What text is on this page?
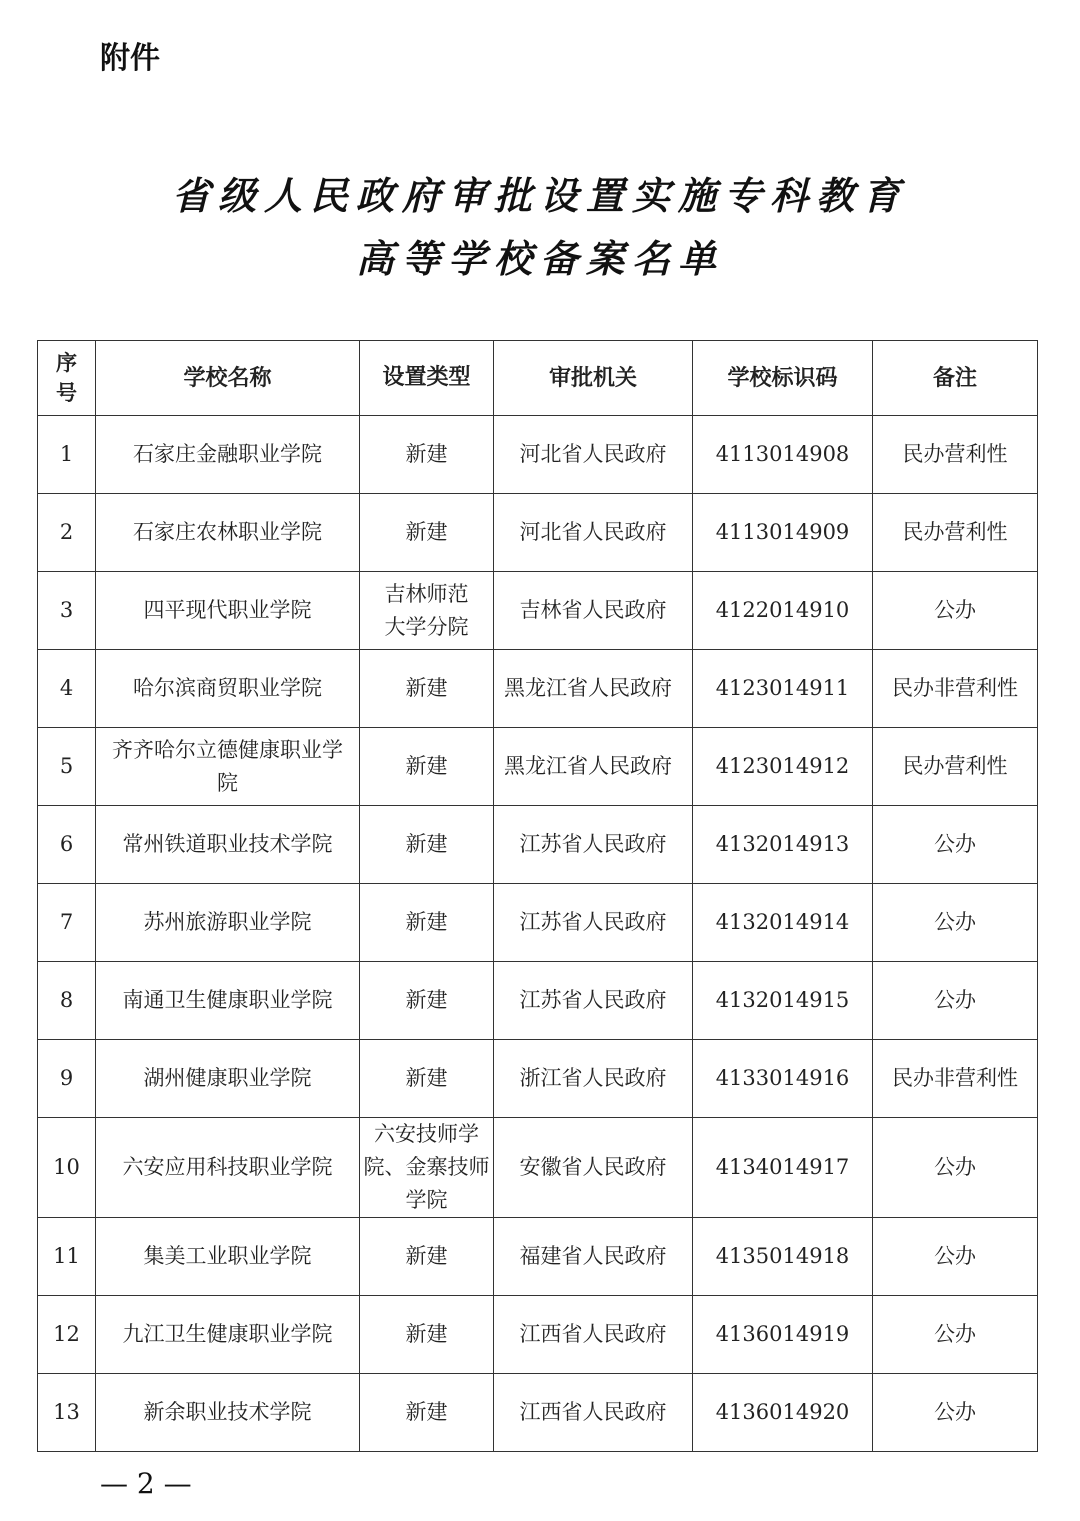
附件
省级人民政府审批设置实施专科教育
高等学校备案名单
序号	学校名称	设置类型	审批机关	学校标识码	备注
1	石家庄金融职业学院	新建	河北省人民政府	4113014908	民办营利性
2	石家庄农林职业学院	新建	河北省人民政府	4113014909	民办营利性
3	四平现代职业学院	吉林师范大学分院	吉林省人民政府	4122014910	公办
4	哈尔滨商贸职业学院	新建	黑龙江省人民政府	4123014911	民办非营利性
5	齐齐哈尔立德健康职业学院	新建	黑龙江省人民政府	4123014912	民办营利性
6	常州铁道职业技术学院	新建	江苏省人民政府	4132014913	公办
7	苏州旅游职业学院	新建	江苏省人民政府	4132014914	公办
8	南通卫生健康职业学院	新建	江苏省人民政府	4132014915	公办
9	湖州健康职业学院	新建	浙江省人民政府	4133014916	民办非营利性
10	六安应用科技职业学院	六安技师学院、金寨技师学院	安徽省人民政府	4134014917	公办
11	集美工业职业学院	新建	福建省人民政府	4135014918	公办
12	九江卫生健康职业学院	新建	江西省人民政府	4136014919	公办
13	新余职业技术学院	新建	江西省人民政府	4136014920	公办
— 2 —
